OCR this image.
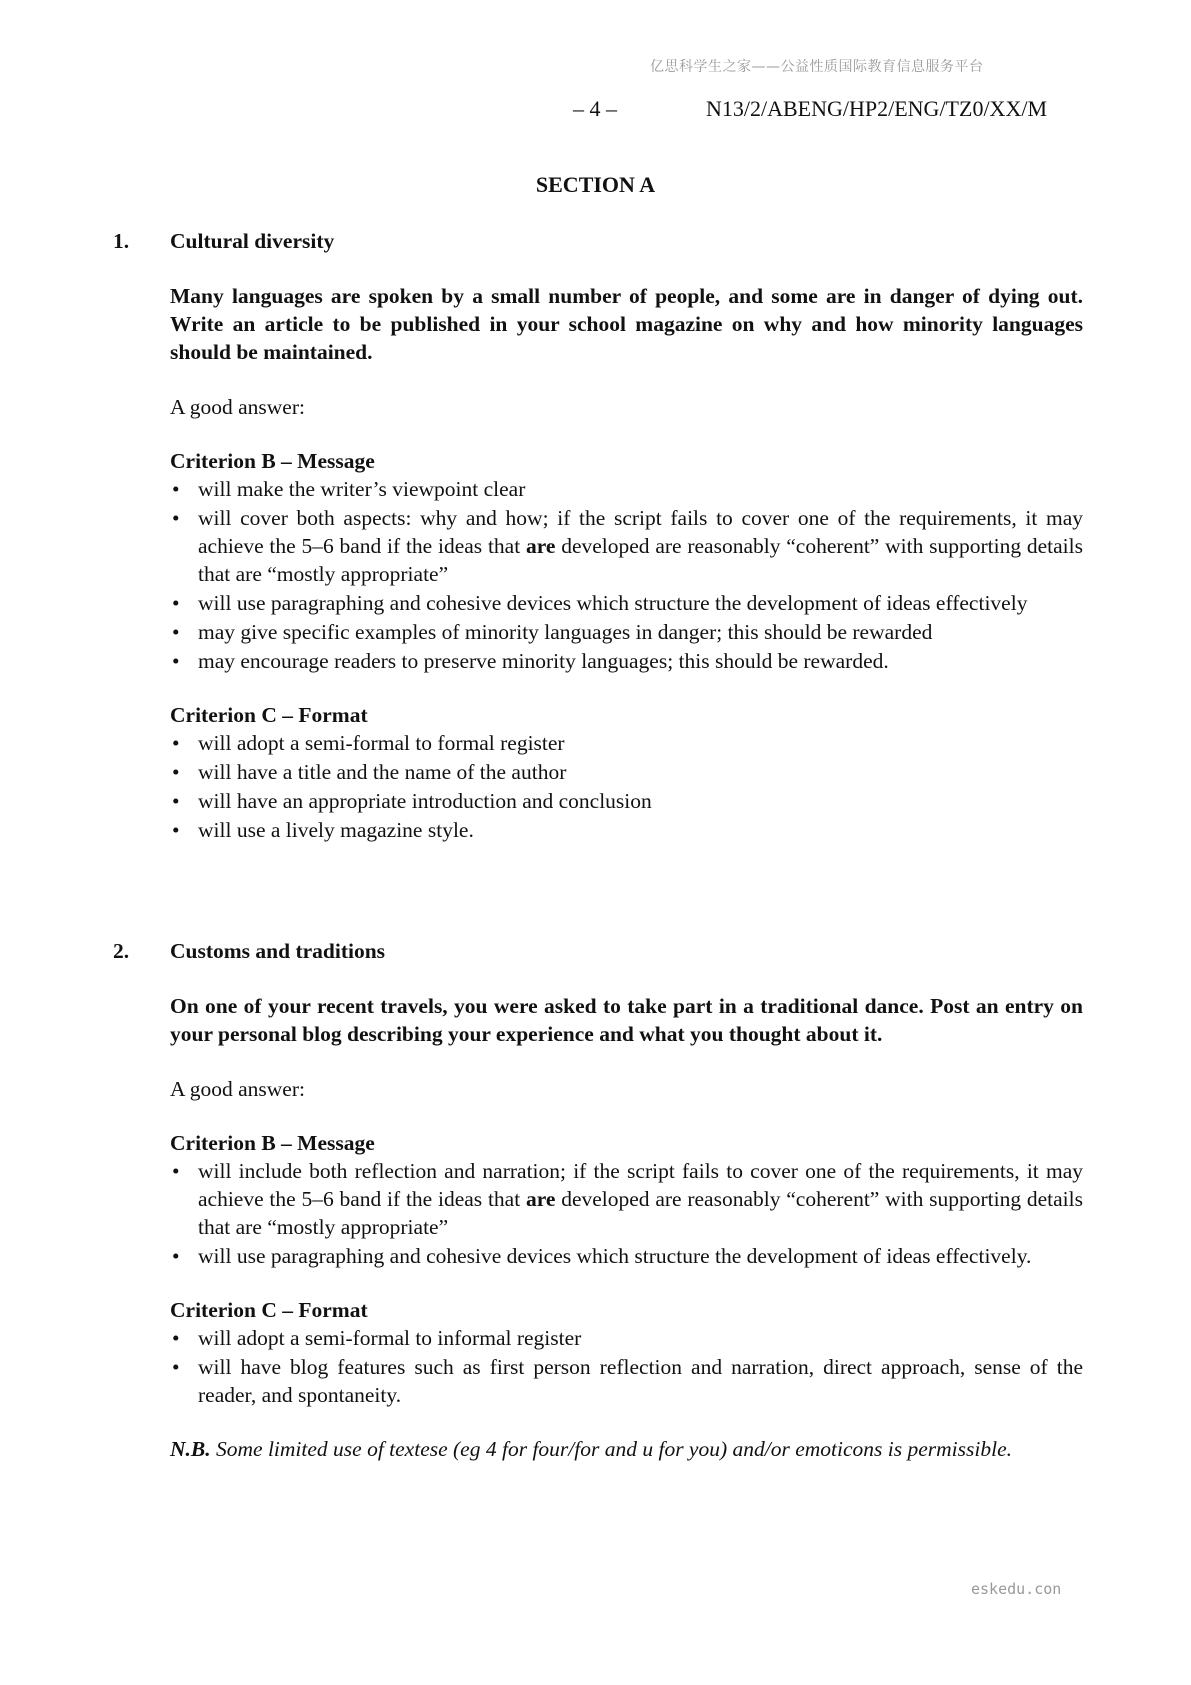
亿思科学生之家——公益性质国际教育信息服务平台
– 4 –	N13/2/ABENG/HP2/ENG/TZ0/XX/M
SECTION A
1. Cultural diversity

Many languages are spoken by a small number of people, and some are in danger of dying out. Write an article to be published in your school magazine on why and how minority languages should be maintained.

A good answer:

Criterion B – Message

• will make the writer’s viewpoint clear
• will cover both aspects: why and how; if the script fails to cover one of the requirements, it may achieve the 5–6 band if the ideas that are developed are reasonably “coherent” with supporting details that are “mostly appropriate”
• will use paragraphing and cohesive devices which structure the development of ideas effectively
• may give specific examples of minority languages in danger; this should be rewarded
• may encourage readers to preserve minority languages; this should be rewarded.

Criterion C – Format

• will adopt a semi-formal to formal register
• will have a title and the name of the author
• will have an appropriate introduction and conclusion
• will use a lively magazine style.
2. Customs and traditions

On one of your recent travels, you were asked to take part in a traditional dance. Post an entry on your personal blog describing your experience and what you thought about it.

A good answer:

Criterion B – Message

• will include both reflection and narration; if the script fails to cover one of the requirements, it may achieve the 5–6 band if the ideas that are developed are reasonably “coherent” with supporting details that are “mostly appropriate”
• will use paragraphing and cohesive devices which structure the development of ideas effectively.

Criterion C – Format

• will adopt a semi-formal to informal register
• will have blog features such as first person reflection and narration, direct approach, sense of the reader, and spontaneity.

N.B. Some limited use of textese (eg 4 for four/for and u for you) and/or emoticons is permissible.

eskedu.con
